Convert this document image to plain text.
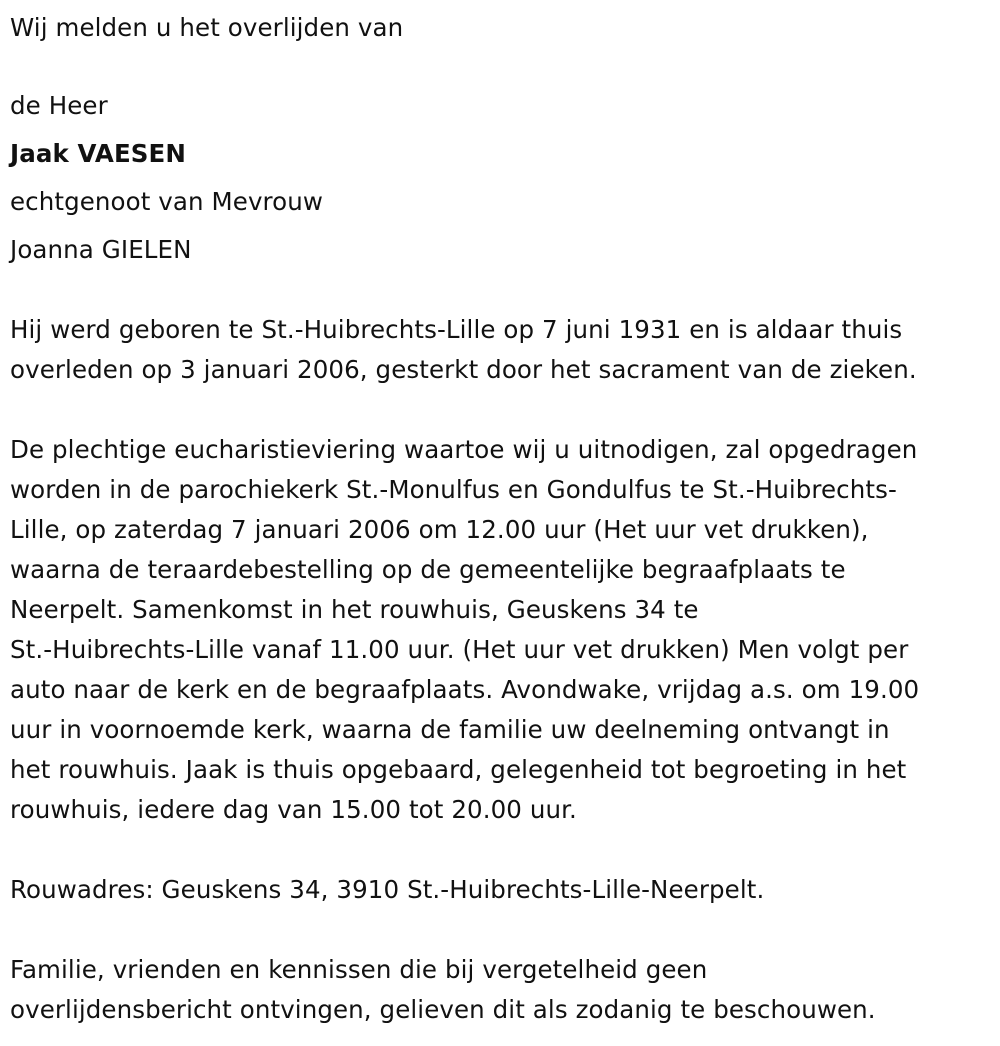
Wij melden u het overlijden van
de Heer
Jaak VAESEN
echtgenoot van Mevrouw
Joanna GIELEN
Hij werd geboren te St.-Huibrechts-Lille op 7 juni 1931 en is aldaar thuis
overleden op 3 januari 2006, gesterkt door het sacrament van de zieken.
De plechtige eucharistieviering waartoe wij u uitnodigen, zal opgedragen
worden in de parochiekerk St.-Monulfus en Gondulfus te St.-Huibrechts-
Lille, op zaterdag 7 januari 2006 om 12.00 uur (Het uur vet drukken),
waarna de teraardebestelling op de gemeentelijke begraafplaats te
Neerpelt. Samenkomst in het rouwhuis, Geuskens 34 te
St.-Huibrechts-Lille vanaf 11.00 uur. (Het uur vet drukken) Men volgt per
auto naar de kerk en de begraafplaats. Avondwake, vrijdag a.s. om 19.00
uur in voornoemde kerk, waarna de familie uw deelneming ontvangt in
het rouwhuis. Jaak is thuis opgebaard, gelegenheid tot begroeting in het
rouwhuis, iedere dag van 15.00 tot 20.00 uur.
Rouwadres: Geuskens 34, 3910 St.-Huibrechts-Lille-Neerpelt.
Familie, vrienden en kennissen die bij vergetelheid geen
overlijdensbericht ontvingen, gelieven dit als zodanig te beschouwen.
